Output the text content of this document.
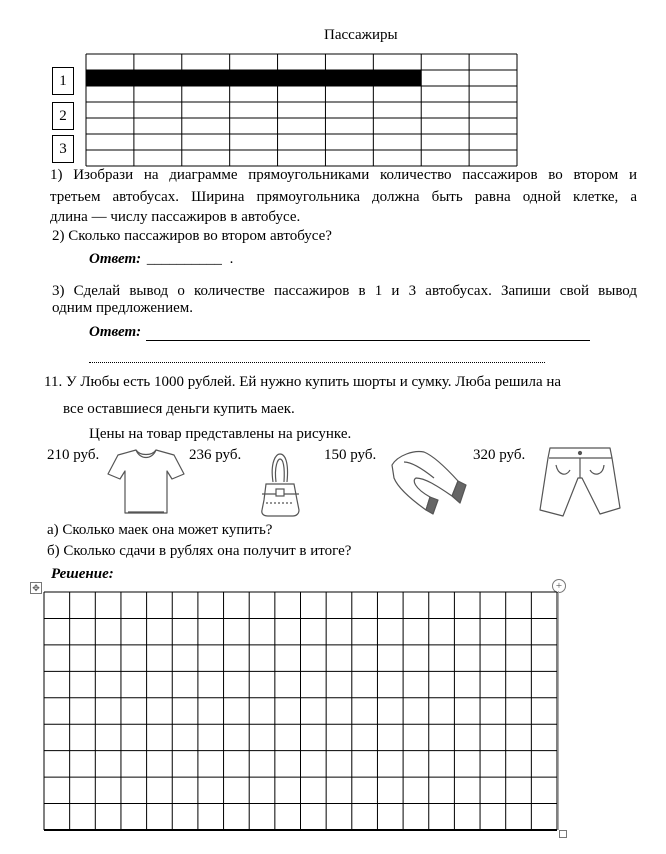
Пассажиры
1
2
3
1) Изобрази на диаграмме прямоугольниками количество пассажиров во втором и
третьем автобусах. Ширина прямоугольника должна быть равна одной клетке, а
длина — числу пассажиров в автобусе.
2) Сколько пассажиров во втором автобусе?
Ответ: __________ .
3) Сделай вывод о количестве пассажиров в 1 и 3 автобусах. Запиши свой вывод
одним предложением.
Ответ:
11. У Любы есть 1000 рублей. Ей нужно купить шорты и сумку. Люба решила на
все оставшиеся деньги купить маек.
Цены на товар представлены на рисунке.
210 руб.	236 руб.	150 руб.	320 руб.
а) Сколько маек она может купить?
б) Сколько сдачи в рублях она получит в итоге?
Решение:
✥	+
